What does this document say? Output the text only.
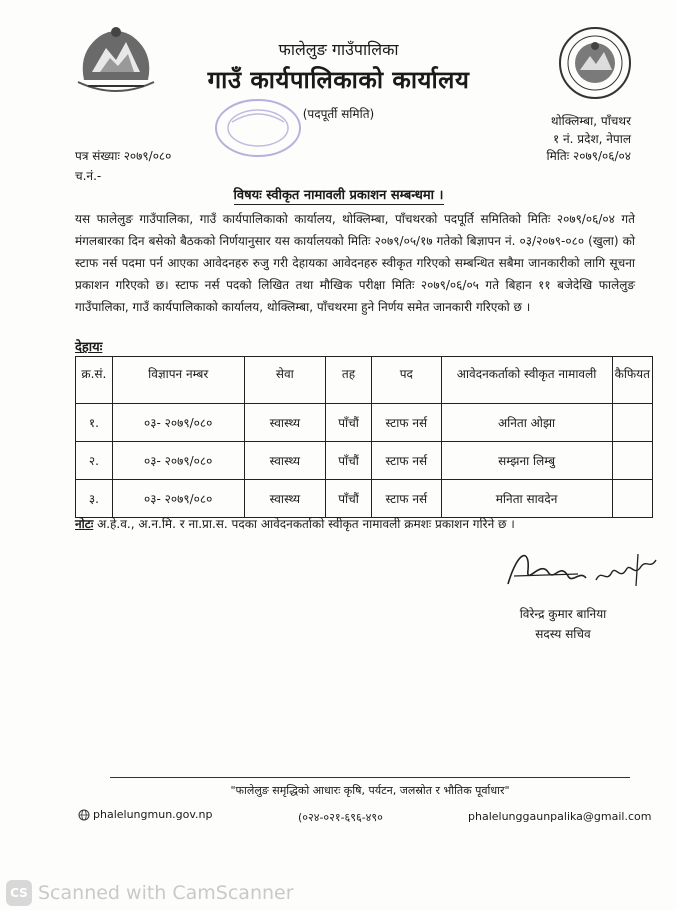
फालेलुङ गाउँपालिका
गाउँ कार्यपालिकाको कार्यालय
(पदपूर्ती समिति)	थोक्लिम्बा, पाँचथर
१ नं. प्रदेश, नेपाल
पत्र संख्याः २०७९/०८०	मितिः २०७९/०६/०४
च.नं.-
विषयः स्वीकृत नामावली प्रकाशन सम्बन्धमा ।
यस फालेलुङ गाउँपालिका, गाउँ कार्यपालिकाको कार्यालय, थोक्लिम्बा, पाँचथरको पदपूर्ति समितिको मितिः २०७९/०६/०४ गते मंगलबारका दिन बसेको बैठकको निर्णयानुसार यस कार्यालयको मितिः २०७९/०५/१७ गतेको बिज्ञापन नं. ०३/२०७९-०८० (खुला) को स्टाफ नर्स पदमा पर्न आएका आवेदनहरु रुजु गरी देहायका आवेदनहरु स्वीकृत गरिएको सम्बन्धित सबैमा जानकारीको लागि सूचना प्रकाशन गरिएको छ। स्टाफ नर्स पदको लिखित तथा मौखिक परीक्षा मितिः २०७९/०६/०५ गते बिहान ११ बजेदेखि फालेलुङ गाउँपालिका, गाउँ कार्यपालिकाको कार्यालय, थोक्लिम्बा, पाँचथरमा हुने निर्णय समेत जानकारी गरिएको छ ।
देहायः
क्र.सं.	विज्ञापन नम्बर	सेवा	तह	पद	आवेदनकर्ताको स्वीकृत नामावली	कैफियत
१.	०३- २०७९/०८०	स्वास्थ्य	पाँचौं	स्टाफ नर्स	अनिता ओझा	
२.	०३- २०७९/०८०	स्वास्थ्य	पाँचौं	स्टाफ नर्स	सम्झना लिम्बु	
३.	०३- २०७९/०८०	स्वास्थ्य	पाँचौं	स्टाफ नर्स	मनिता सावदेन	
नोटः अ.हे.व., अ.न.मि. र ना.प्रा.स. पदका आवेदनकर्ताको स्वीकृत नामावली क्रमशः प्रकाशन गरिने छ ।
विरेन्द्र कुमार बानिया
सदस्य सचिव
"फालेलुङ समृद्धिको आधारः कृषि, पर्यटन, जलस्रोत र भौतिक पूर्वाधार"
phalelungmun.gov.np	(०२४-०२१-६९६-४९०	phalelunggaunpalika@gmail.com
CS Scanned with CamScanner
